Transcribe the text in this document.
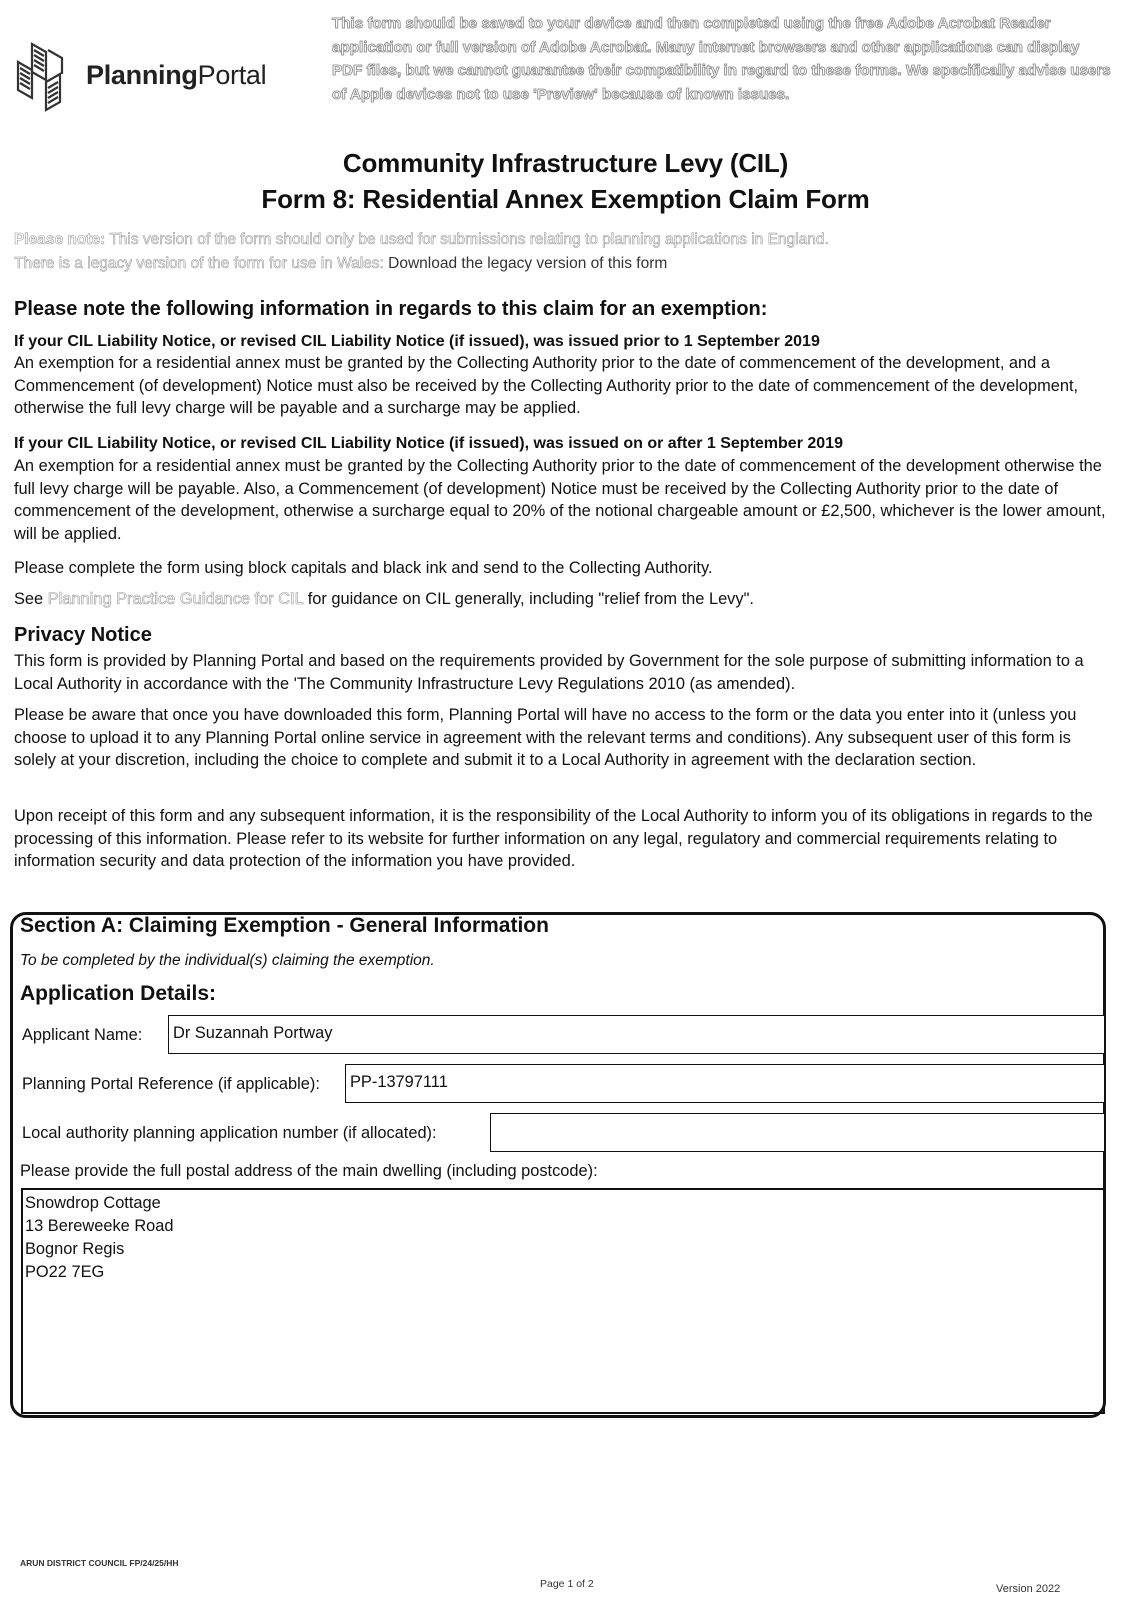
PlanningPortal
This form should be saved to your device and then completed using the free Adobe Acrobat Reader application or full version of Adobe Acrobat. Many internet browsers and other applications can display PDF files, but we cannot guarantee their compatibility in regard to these forms. We specifically advise users of Apple devices not to use 'Preview' because of known issues.
Community Infrastructure Levy (CIL)
Form 8: Residential Annex Exemption Claim Form
Please note: This version of the form should only be used for submissions relating to planning applications in England.
There is a legacy version of the form for use in Wales: Download the legacy version of this form
Please note the following information in regards to this claim for an exemption:
If your CIL Liability Notice, or revised CIL Liability Notice (if issued), was issued prior to 1 September 2019
An exemption for a residential annex must be granted by the Collecting Authority prior to the date of commencement of the development, and a Commencement (of development) Notice must also be received by the Collecting Authority prior to the date of commencement of the development, otherwise the full levy charge will be payable and a surcharge may be applied.
If your CIL Liability Notice, or revised CIL Liability Notice (if issued), was issued on or after 1 September 2019
An exemption for a residential annex must be granted by the Collecting Authority prior to the date of commencement of the development otherwise the full levy charge will be payable. Also, a Commencement (of development) Notice must be received by the Collecting Authority prior to the date of commencement of the development, otherwise a surcharge equal to 20% of the notional chargeable amount or £2,500, whichever is the lower amount, will be applied.
Please complete the form using block capitals and black ink and send to the Collecting Authority.
See Planning Practice Guidance for CIL for guidance on CIL generally, including "relief from the Levy".
Privacy Notice
This form is provided by Planning Portal and based on the requirements provided by Government for the sole purpose of submitting information to a Local Authority in accordance with the 'The Community Infrastructure Levy Regulations 2010 (as amended).
Please be aware that once you have downloaded this form, Planning Portal will have no access to the form or the data you enter into it (unless you choose to upload it to any Planning Portal online service in agreement with the relevant terms and conditions). Any subsequent user of this form is solely at your discretion, including the choice to complete and submit it to a Local Authority in agreement with the declaration section.
Upon receipt of this form and any subsequent information, it is the responsibility of the Local Authority to inform you of its obligations in regards to the processing of this information. Please refer to its website for further information on any legal, regulatory and commercial requirements relating to information security and data protection of the information you have provided.
Section A: Claiming Exemption - General Information
To be completed by the individual(s) claiming the exemption.
Application Details:
Applicant Name:	Dr Suzannah Portway
Planning Portal Reference (if applicable):	PP-13797111
Local authority planning application number (if allocated):
Please provide the full postal address of the main dwelling (including postcode):
Snowdrop Cottage
13 Bereweeke Road
Bognor Regis
PO22 7EG
ARUN DISTRICT COUNCIL FP/24/25/HH
Page 1 of 2	Version 2022
